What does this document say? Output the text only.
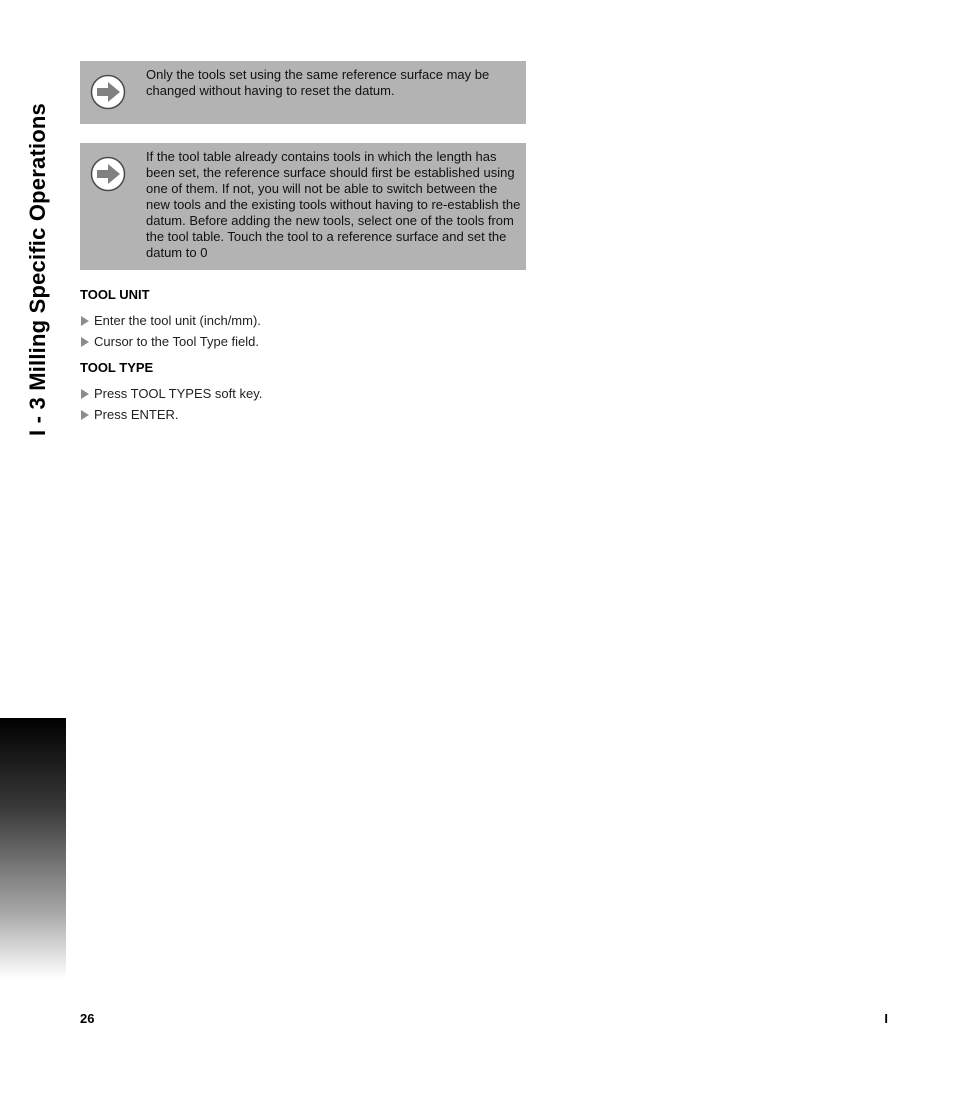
I - 3 Milling Specific Operations
Only the tools set using the same reference surface may be changed without having to reset the datum.
If the tool table already contains tools in which the length has been set, the reference surface should first be established using one of them. If not, you will not be able to switch between the new tools and the existing tools without having to re-establish the datum. Before adding the new tools, select one of the tools from the tool table. Touch the tool to a reference surface and set the datum to 0
TOOL UNIT
Enter the tool unit (inch/mm).
Cursor to the Tool Type field.
TOOL TYPE
Press TOOL TYPES soft key.
Press ENTER.
26	I
